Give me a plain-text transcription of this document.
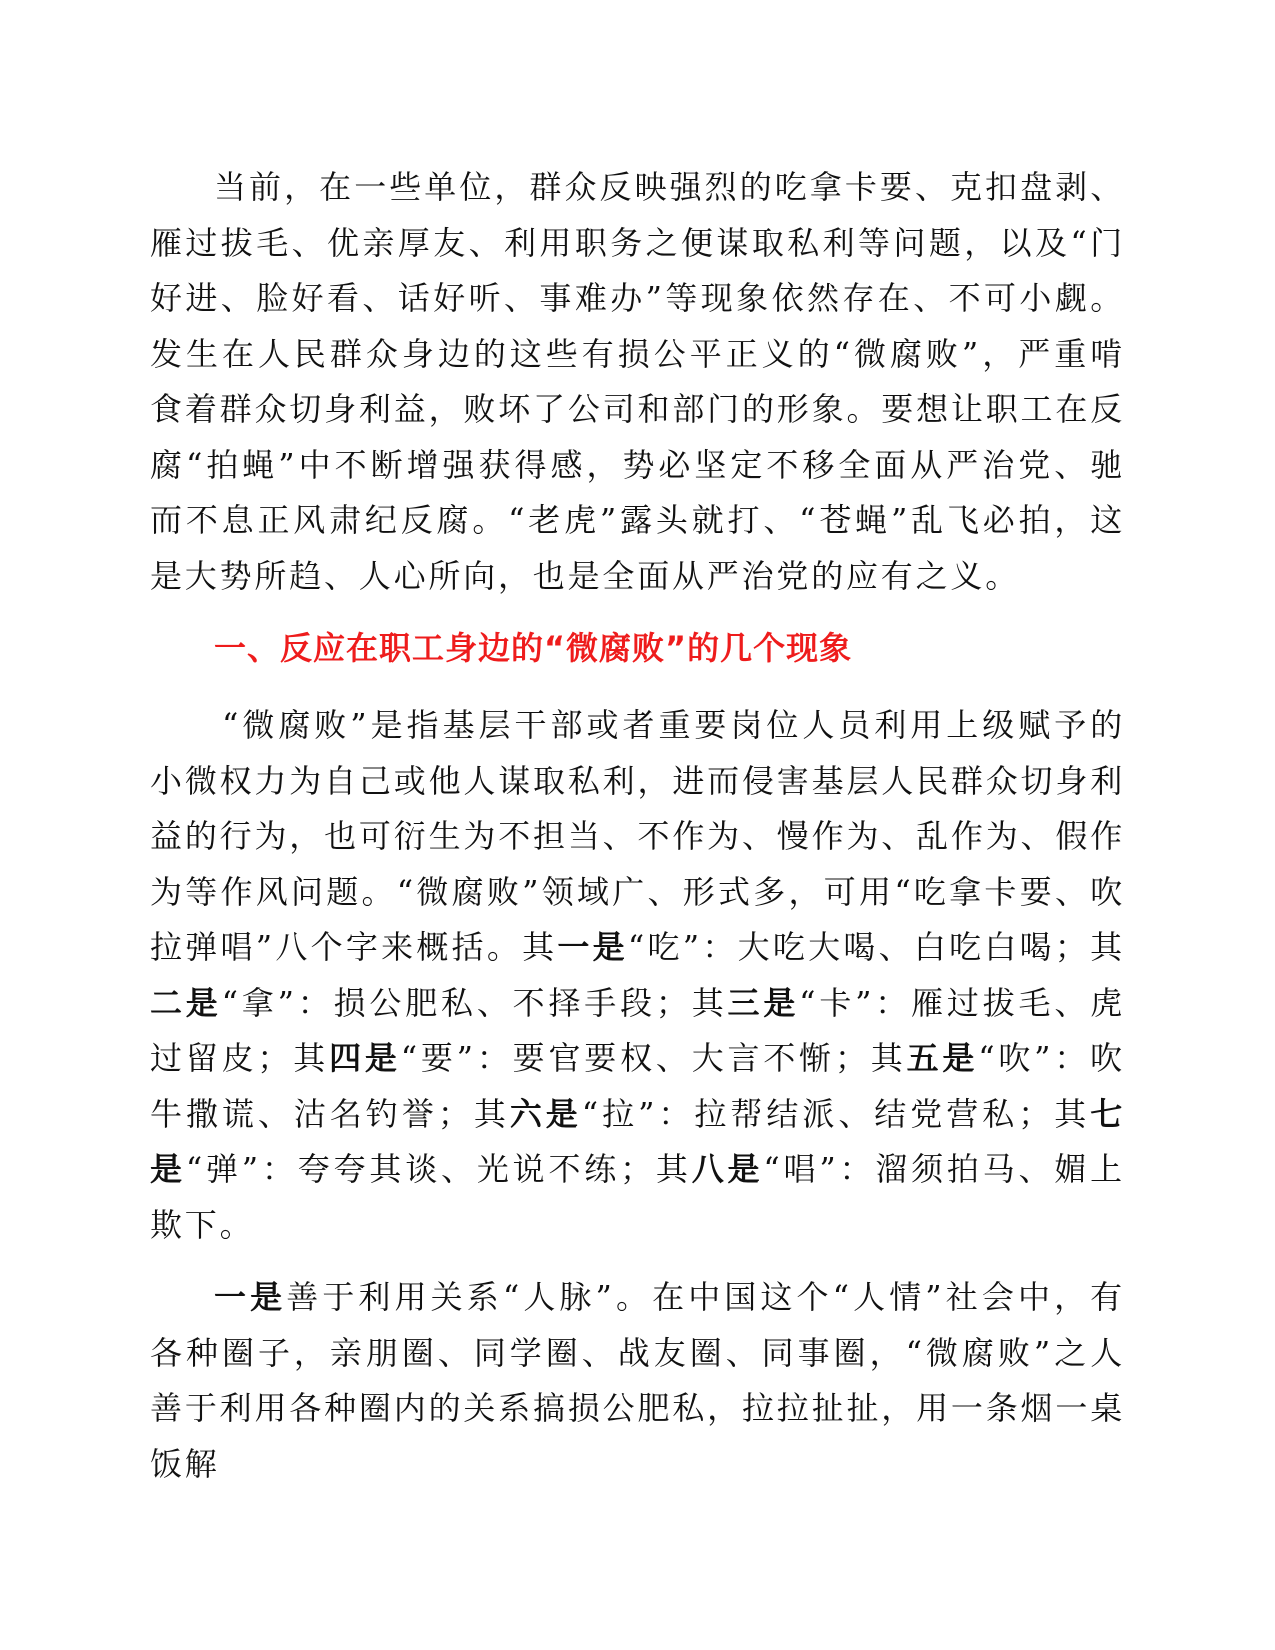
当前，在一些单位，群众反映强烈的吃拿卡要、克扣盘剥、雁过拔毛、优亲厚友、利用职务之便谋取私利等问题，以及“门好进、脸好看、话好听、事难办”等现象依然存在、不可小觑。发生在人民群众身边的这些有损公平正义的“微腐败”，严重啃食着群众切身利益，败坏了公司和部门的形象。要想让职工在反腐“拍蝇”中不断增强获得感，势必坚定不移全面从严治党、驰而不息正风肃纪反腐。“老虎”露头就打、“苍蝇”乱飞必拍，这是大势所趋、人心所向，也是全面从严治党的应有之义。

一、反应在职工身边的“微腐败”的几个现象

“微腐败”是指基层干部或者重要岗位人员利用上级赋予的小微权力为自己或他人谋取私利，进而侵害基层人民群众切身利益的行为，也可衍生为不担当、不作为、慢作为、乱作为、假作为等作风问题。“微腐败”领域广、形式多，可用“吃拿卡要、吹拉弹唱”八个字来概括。其一是“吃”：大吃大喝、白吃白喝；其二是“拿”：损公肥私、不择手段；其三是“卡”：雁过拔毛、虎过留皮；其四是“要”：要官要权、大言不惭；其五是“吹”：吹牛撒谎、沽名钓誉；其六是“拉”：拉帮结派、结党营私；其七是“弹”：夸夸其谈、光说不练；其八是“唱”：溜须拍马、媚上欺下。

一是善于利用关系“人脉”。在中国这个“人情”社会中，有各种圈子，亲朋圈、同学圈、战友圈、同事圈，“微腐败”之人善于利用各种圈内的关系搞损公肥私，拉拉扯扯，用一条烟一桌饭解
